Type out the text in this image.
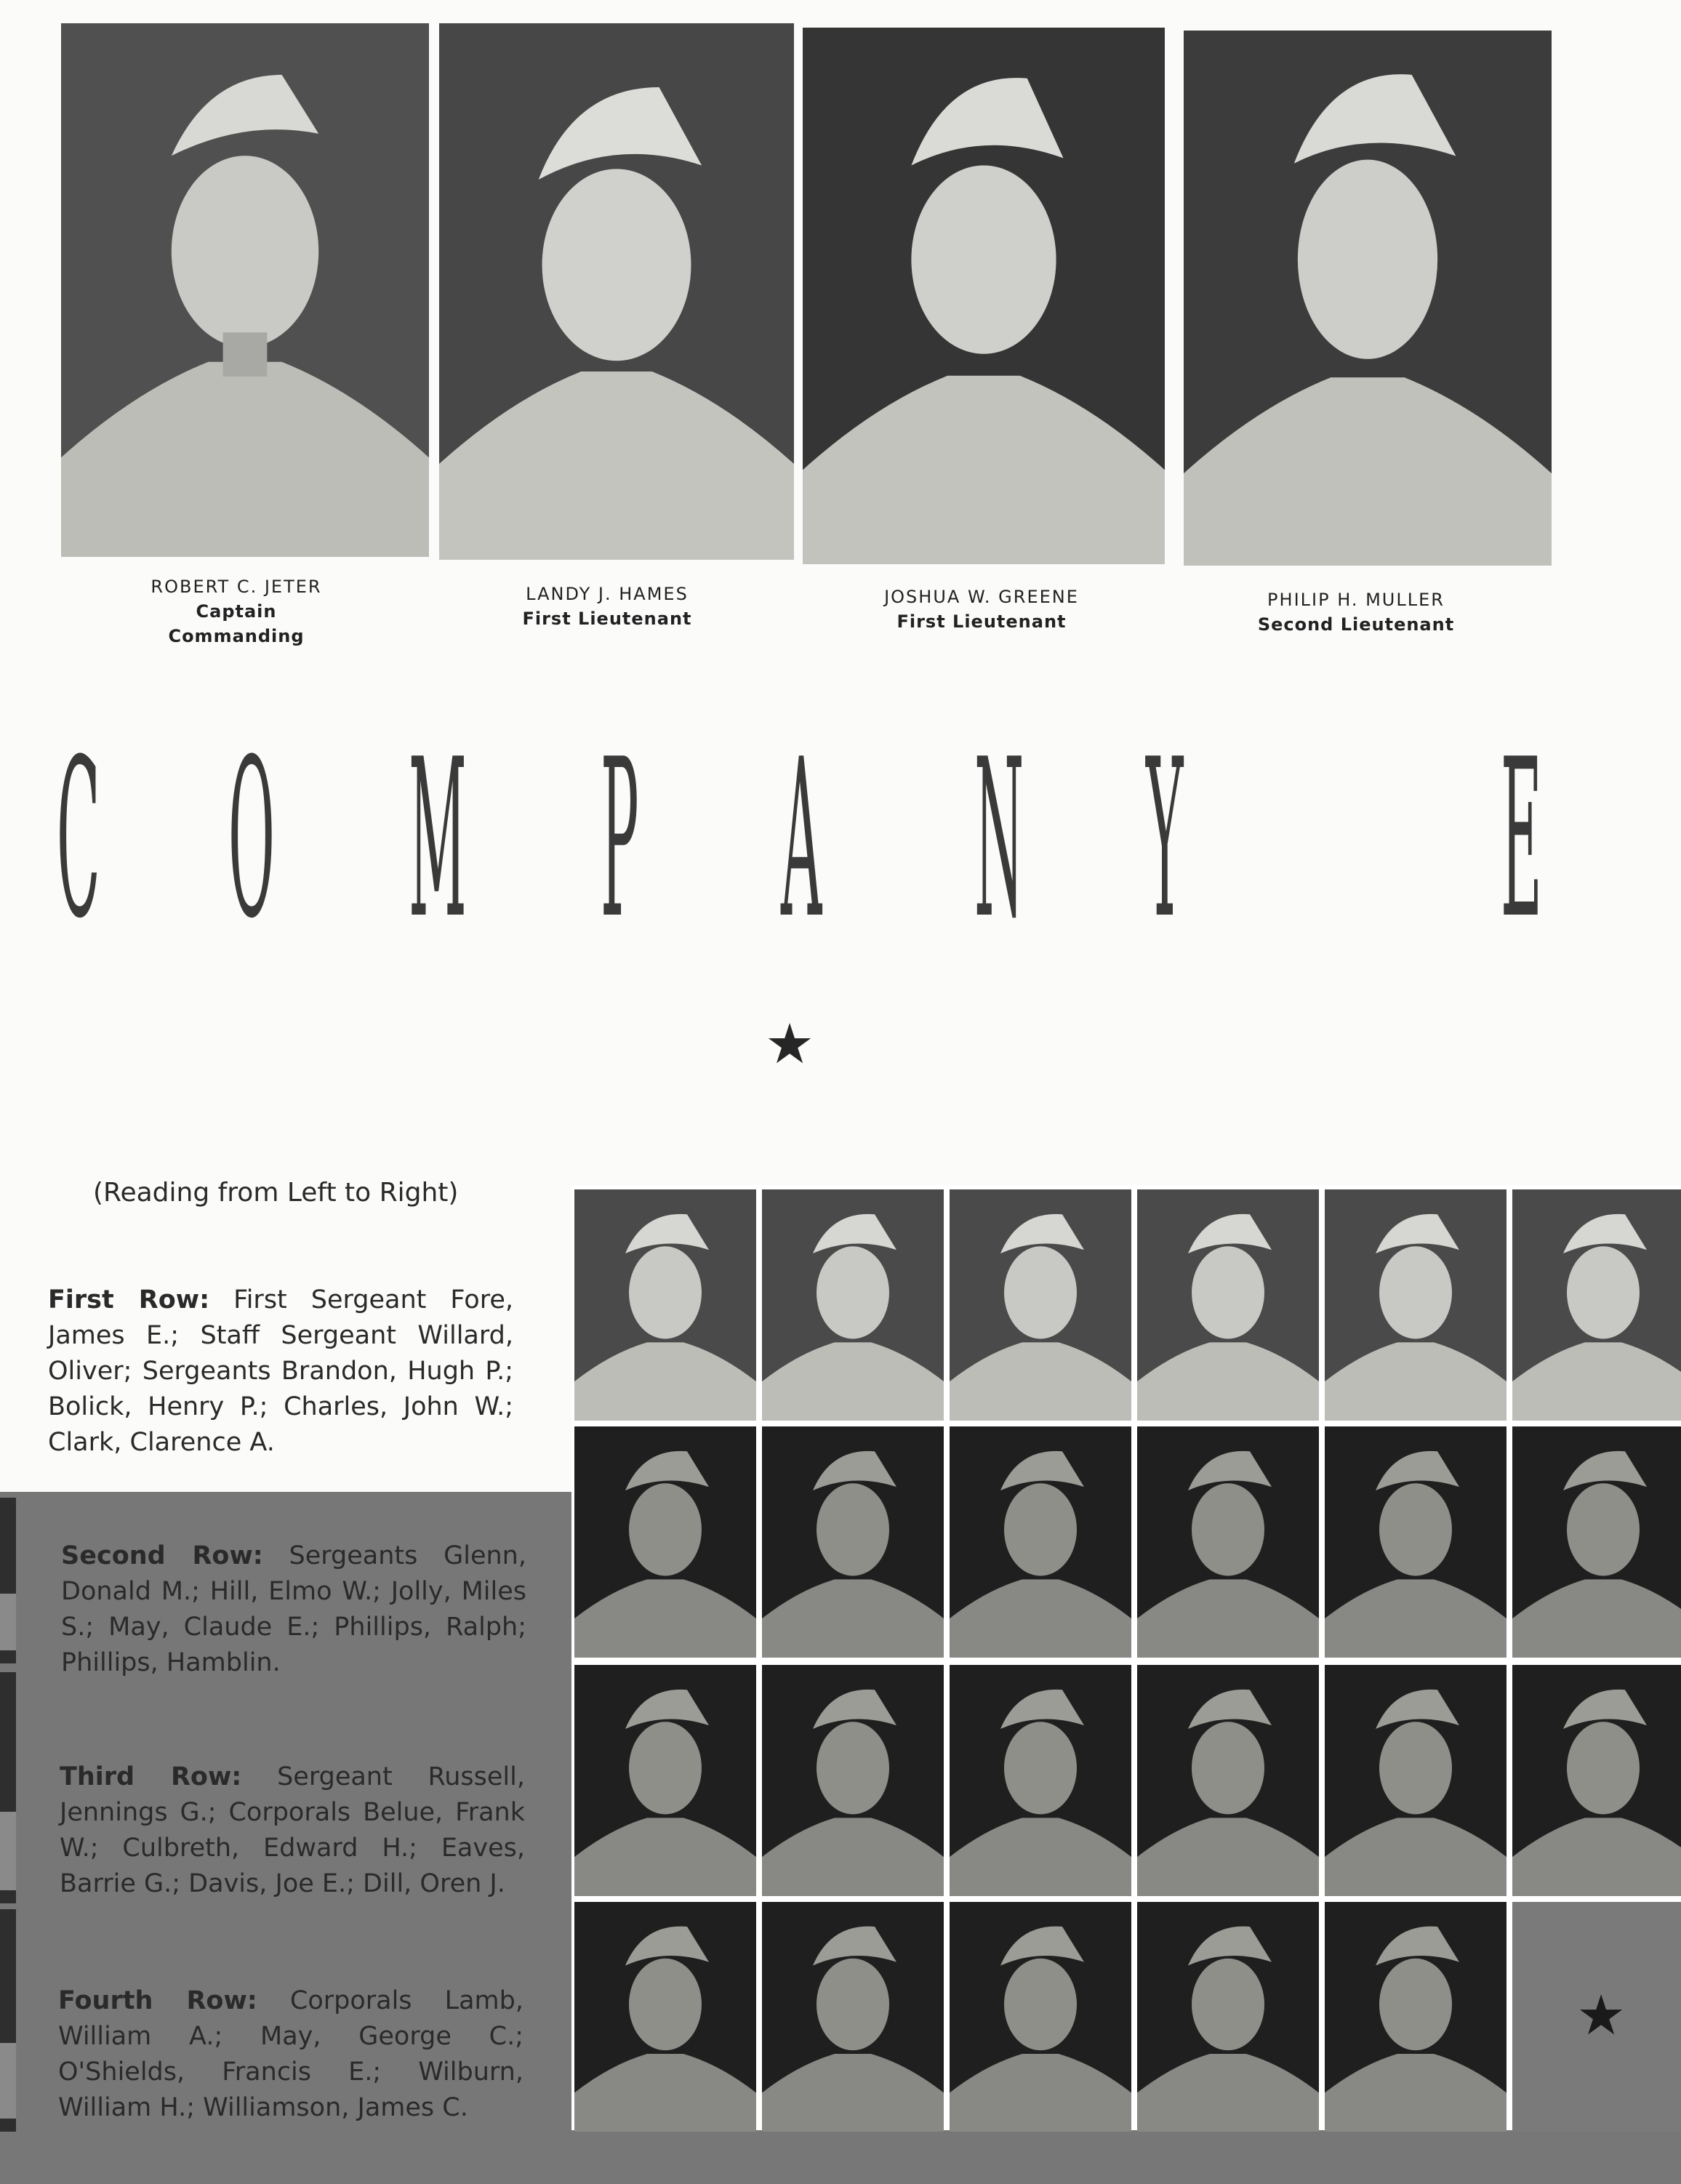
ROBERT C. JETER
Captain
Commanding
LANDY J. HAMES
First Lieutenant
JOSHUA W. GREENE
First Lieutenant
PHILIP H. MULLER
Second Lieutenant
C O M P A N Y E
★
(Reading from Left to Right)
First Row: First Sergeant Fore, James E.; Staff Sergeant Willard, Oliver; Sergeants Brandon, Hugh P.; Bolick, Henry P.; Charles, John W.; Clark, Clarence A.
★
Second Row: Sergeants Glenn, Donald M.; Hill, Elmo W.; Jolly, Miles S.; May, Claude E.; Phillips, Ralph; Phillips, Hamblin.
Third Row: Sergeant Russell, Jennings G.; Corporals Belue, Frank W.; Culbreth, Edward H.; Eaves, Barrie G.; Davis, Joe E.; Dill, Oren J.
Fourth Row: Corporals Lamb, William A.; May, George C.; O'Shields, Francis E.; Wilburn, William H.; Williamson, James C.
